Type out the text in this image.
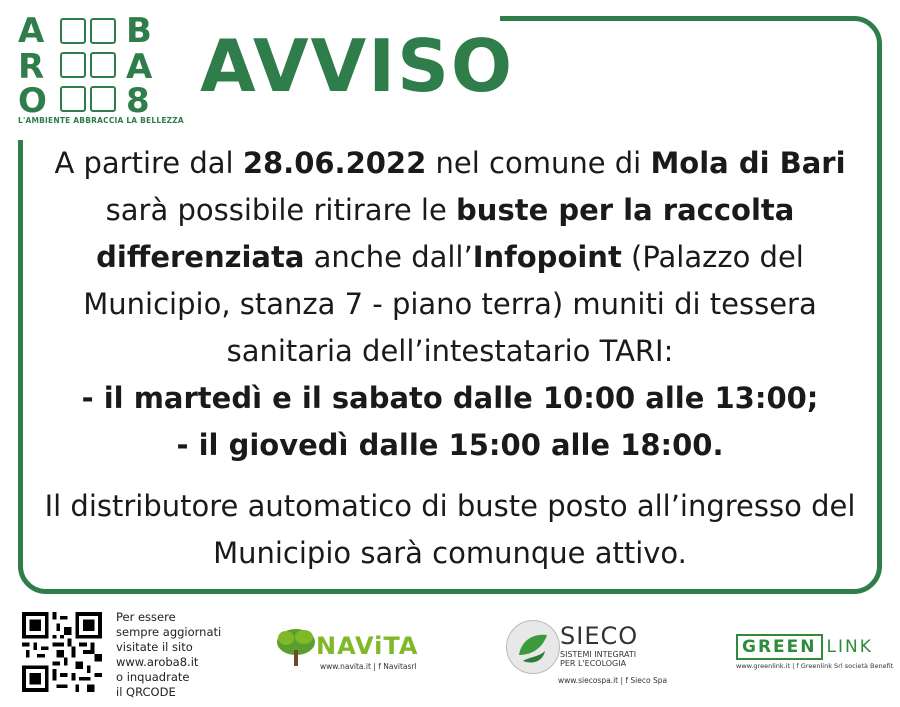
A
R
O
B
A
8
L'AMBIENTE ABBRACCIA LA BELLEZZA
AVVISO

A partire dal 28.06.2022 nel comune di Mola di Bari sarà possibile ritirare le buste per la raccolta differenziata anche dall’Infopoint (Palazzo del Municipio, stanza 7 - piano terra) muniti di tessera sanitaria dell’intestatario TARI:

- il martedì e il sabato dalle 10:00 alle 13:00;

- il giovedì dalle 15:00 alle 18:00.

Il distributore automatico di buste posto all’ingresso del Municipio sarà comunque attivo.

Per essere
sempre aggiornati
visitate il sito
www.aroba8.it
o inquadrate
il QRCODE
NAViTA
www.navita.it | f Navitasrl
SIECO
SISTEMI INTEGRATI
PER L'ECOLOGIA
www.siecospa.it | f Sieco Spa
GREEN LINK
www.greenlink.it | f Greenlink Srl società Benefit
